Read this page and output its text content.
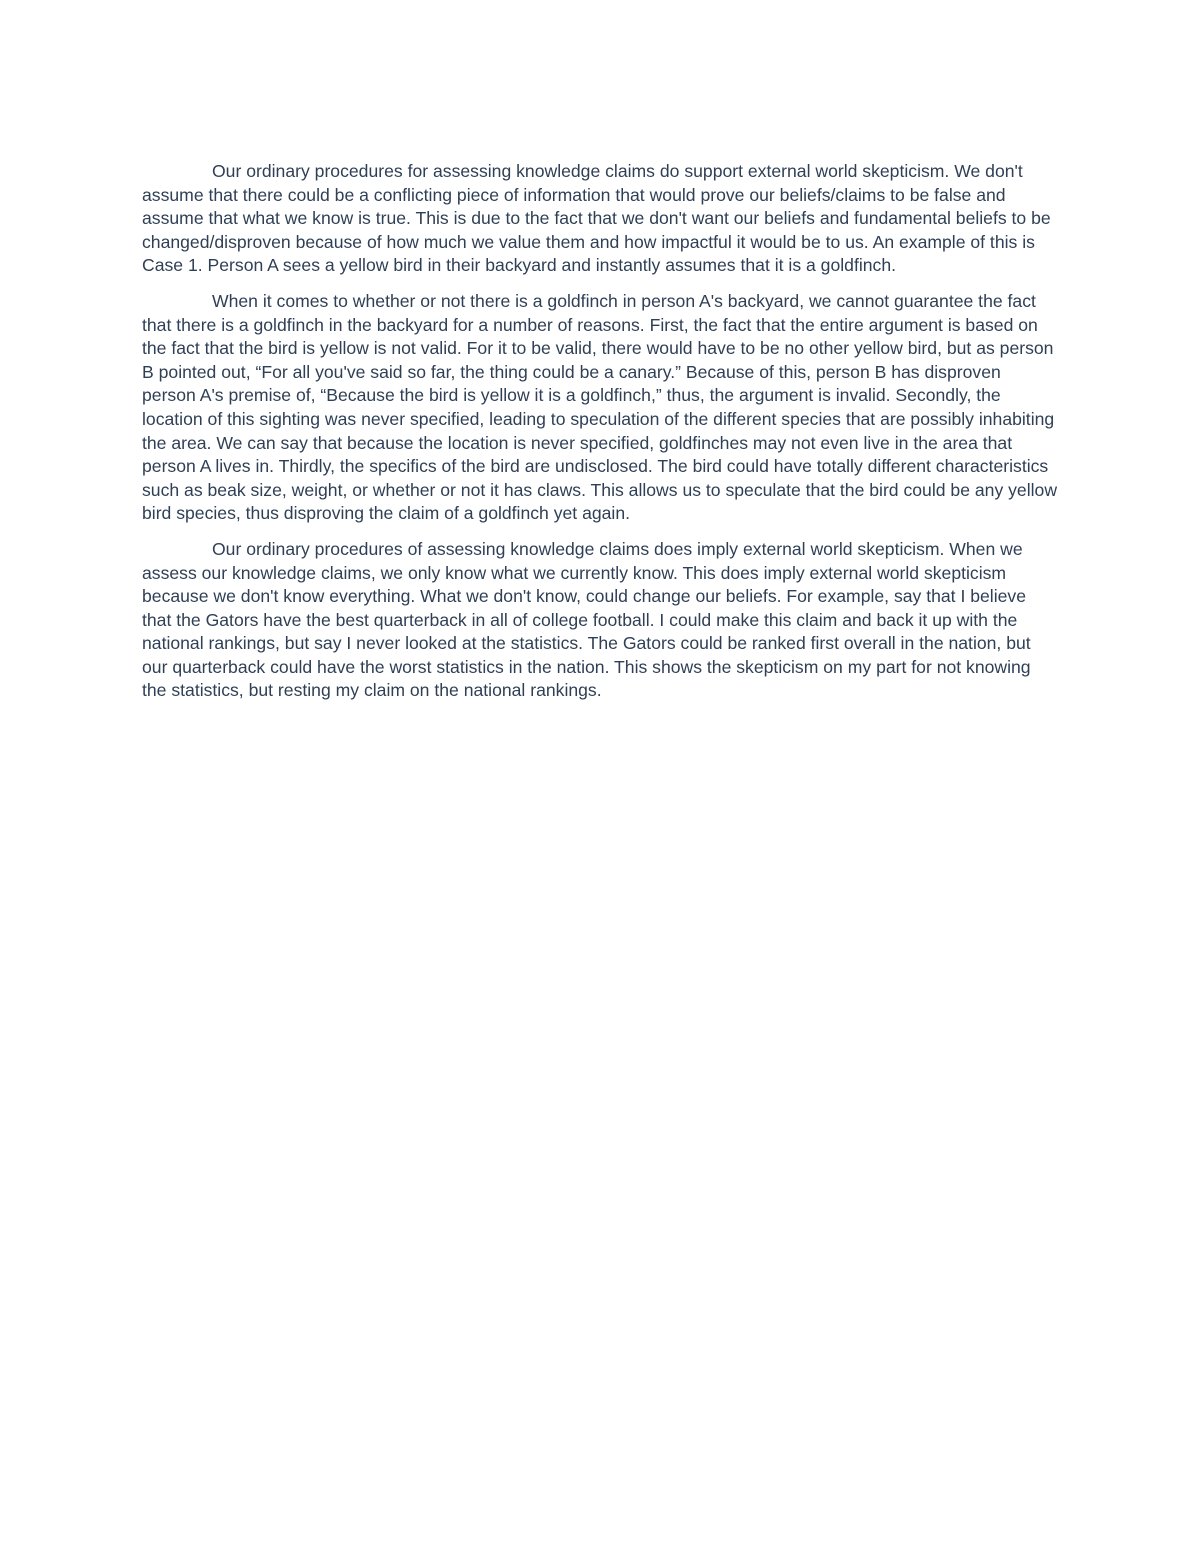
Our ordinary procedures for assessing knowledge claims do support external world skepticism. We don't assume that there could be a conflicting piece of information that would prove our beliefs/claims to be false and assume that what we know is true. This is due to the fact that we don't want our beliefs and fundamental beliefs to be changed/disproven because of how much we value them and how impactful it would be to us. An example of this is Case 1. Person A sees a yellow bird in their backyard and instantly assumes that it is a goldfinch.

When it comes to whether or not there is a goldfinch in person A's backyard, we cannot guarantee the fact that there is a goldfinch in the backyard for a number of reasons. First, the fact that the entire argument is based on the fact that the bird is yellow is not valid. For it to be valid, there would have to be no other yellow bird, but as person B pointed out, “For all you've said so far, the thing could be a canary.” Because of this, person B has disproven person A's premise of, “Because the bird is yellow it is a goldfinch,” thus, the argument is invalid. Secondly, the location of this sighting was never specified, leading to speculation of the different species that are possibly inhabiting the area. We can say that because the location is never specified, goldfinches may not even live in the area that person A lives in. Thirdly, the specifics of the bird are undisclosed. The bird could have totally different characteristics such as beak size, weight, or whether or not it has claws. This allows us to speculate that the bird could be any yellow bird species, thus disproving the claim of a goldfinch yet again.

Our ordinary procedures of assessing knowledge claims does imply external world skepticism. When we assess our knowledge claims, we only know what we currently know. This does imply external world skepticism because we don't know everything. What we don't know, could change our beliefs. For example, say that I believe that the Gators have the best quarterback in all of college football. I could make this claim and back it up with the national rankings, but say I never looked at the statistics. The Gators could be ranked first overall in the nation, but our quarterback could have the worst statistics in the nation. This shows the skepticism on my part for not knowing the statistics, but resting my claim on the national rankings.
